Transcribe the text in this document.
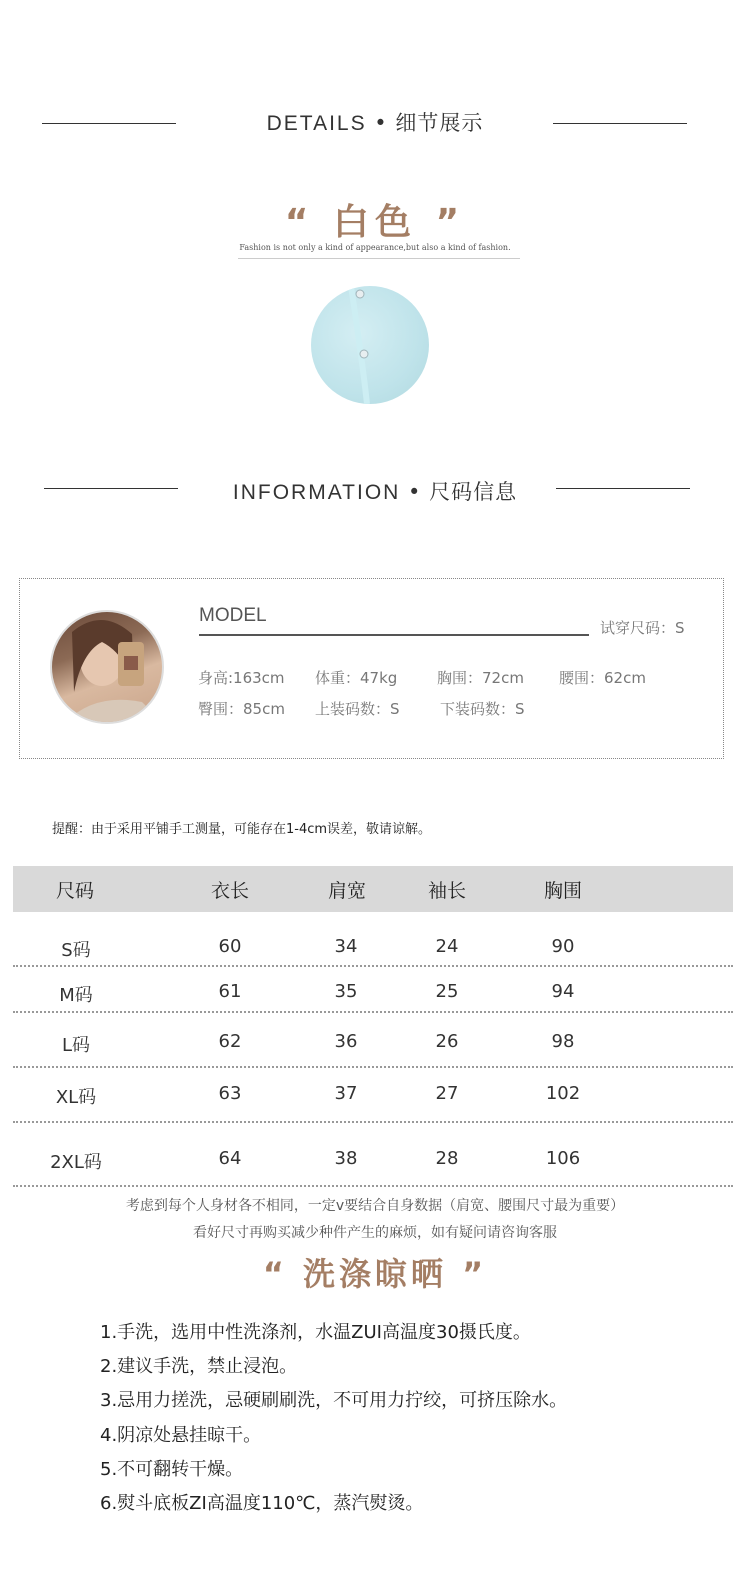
DETAILS • 细节展示
“ 白色 ”
Fashion is not only a kind of appearance,but also a kind of fashion.
INFORMATION • 尺码信息
MODEL
试穿尺码：S
身高:163cm 体重：47kg	胸围：72cm 腰围：62cm
臀围：85cm 上装码数：S	下装码数：S
提醒：由于采用平铺手工测量，可能存在1-4cm误差，敬请谅解。
尺码	衣长	肩宽	袖长	胸围
S码	60	34	24	90
M码	61	35	25	94
L码	62	36	26	98
XL码	63	37	27	102
2XL码	64	38	28	106
考虑到每个人身材各不相同，一定v要结合自身数据（肩宽、腰围尺寸最为重要）
看好尺寸再购买减少种件产生的麻烦，如有疑问请咨询客服
“ 洗涤晾晒 ”
1.手洗，选用中性洗涤剂，水温ZUI高温度30摄氏度。
2.建议手洗，禁止浸泡。
3.忌用力搓洗，忌硬刷刷洗，不可用力拧绞，可挤压除水。
4.阴凉处悬挂晾干。
5.不可翻转干燥。
6.熨斗底板ZI高温度110℃，蒸汽熨烫。
